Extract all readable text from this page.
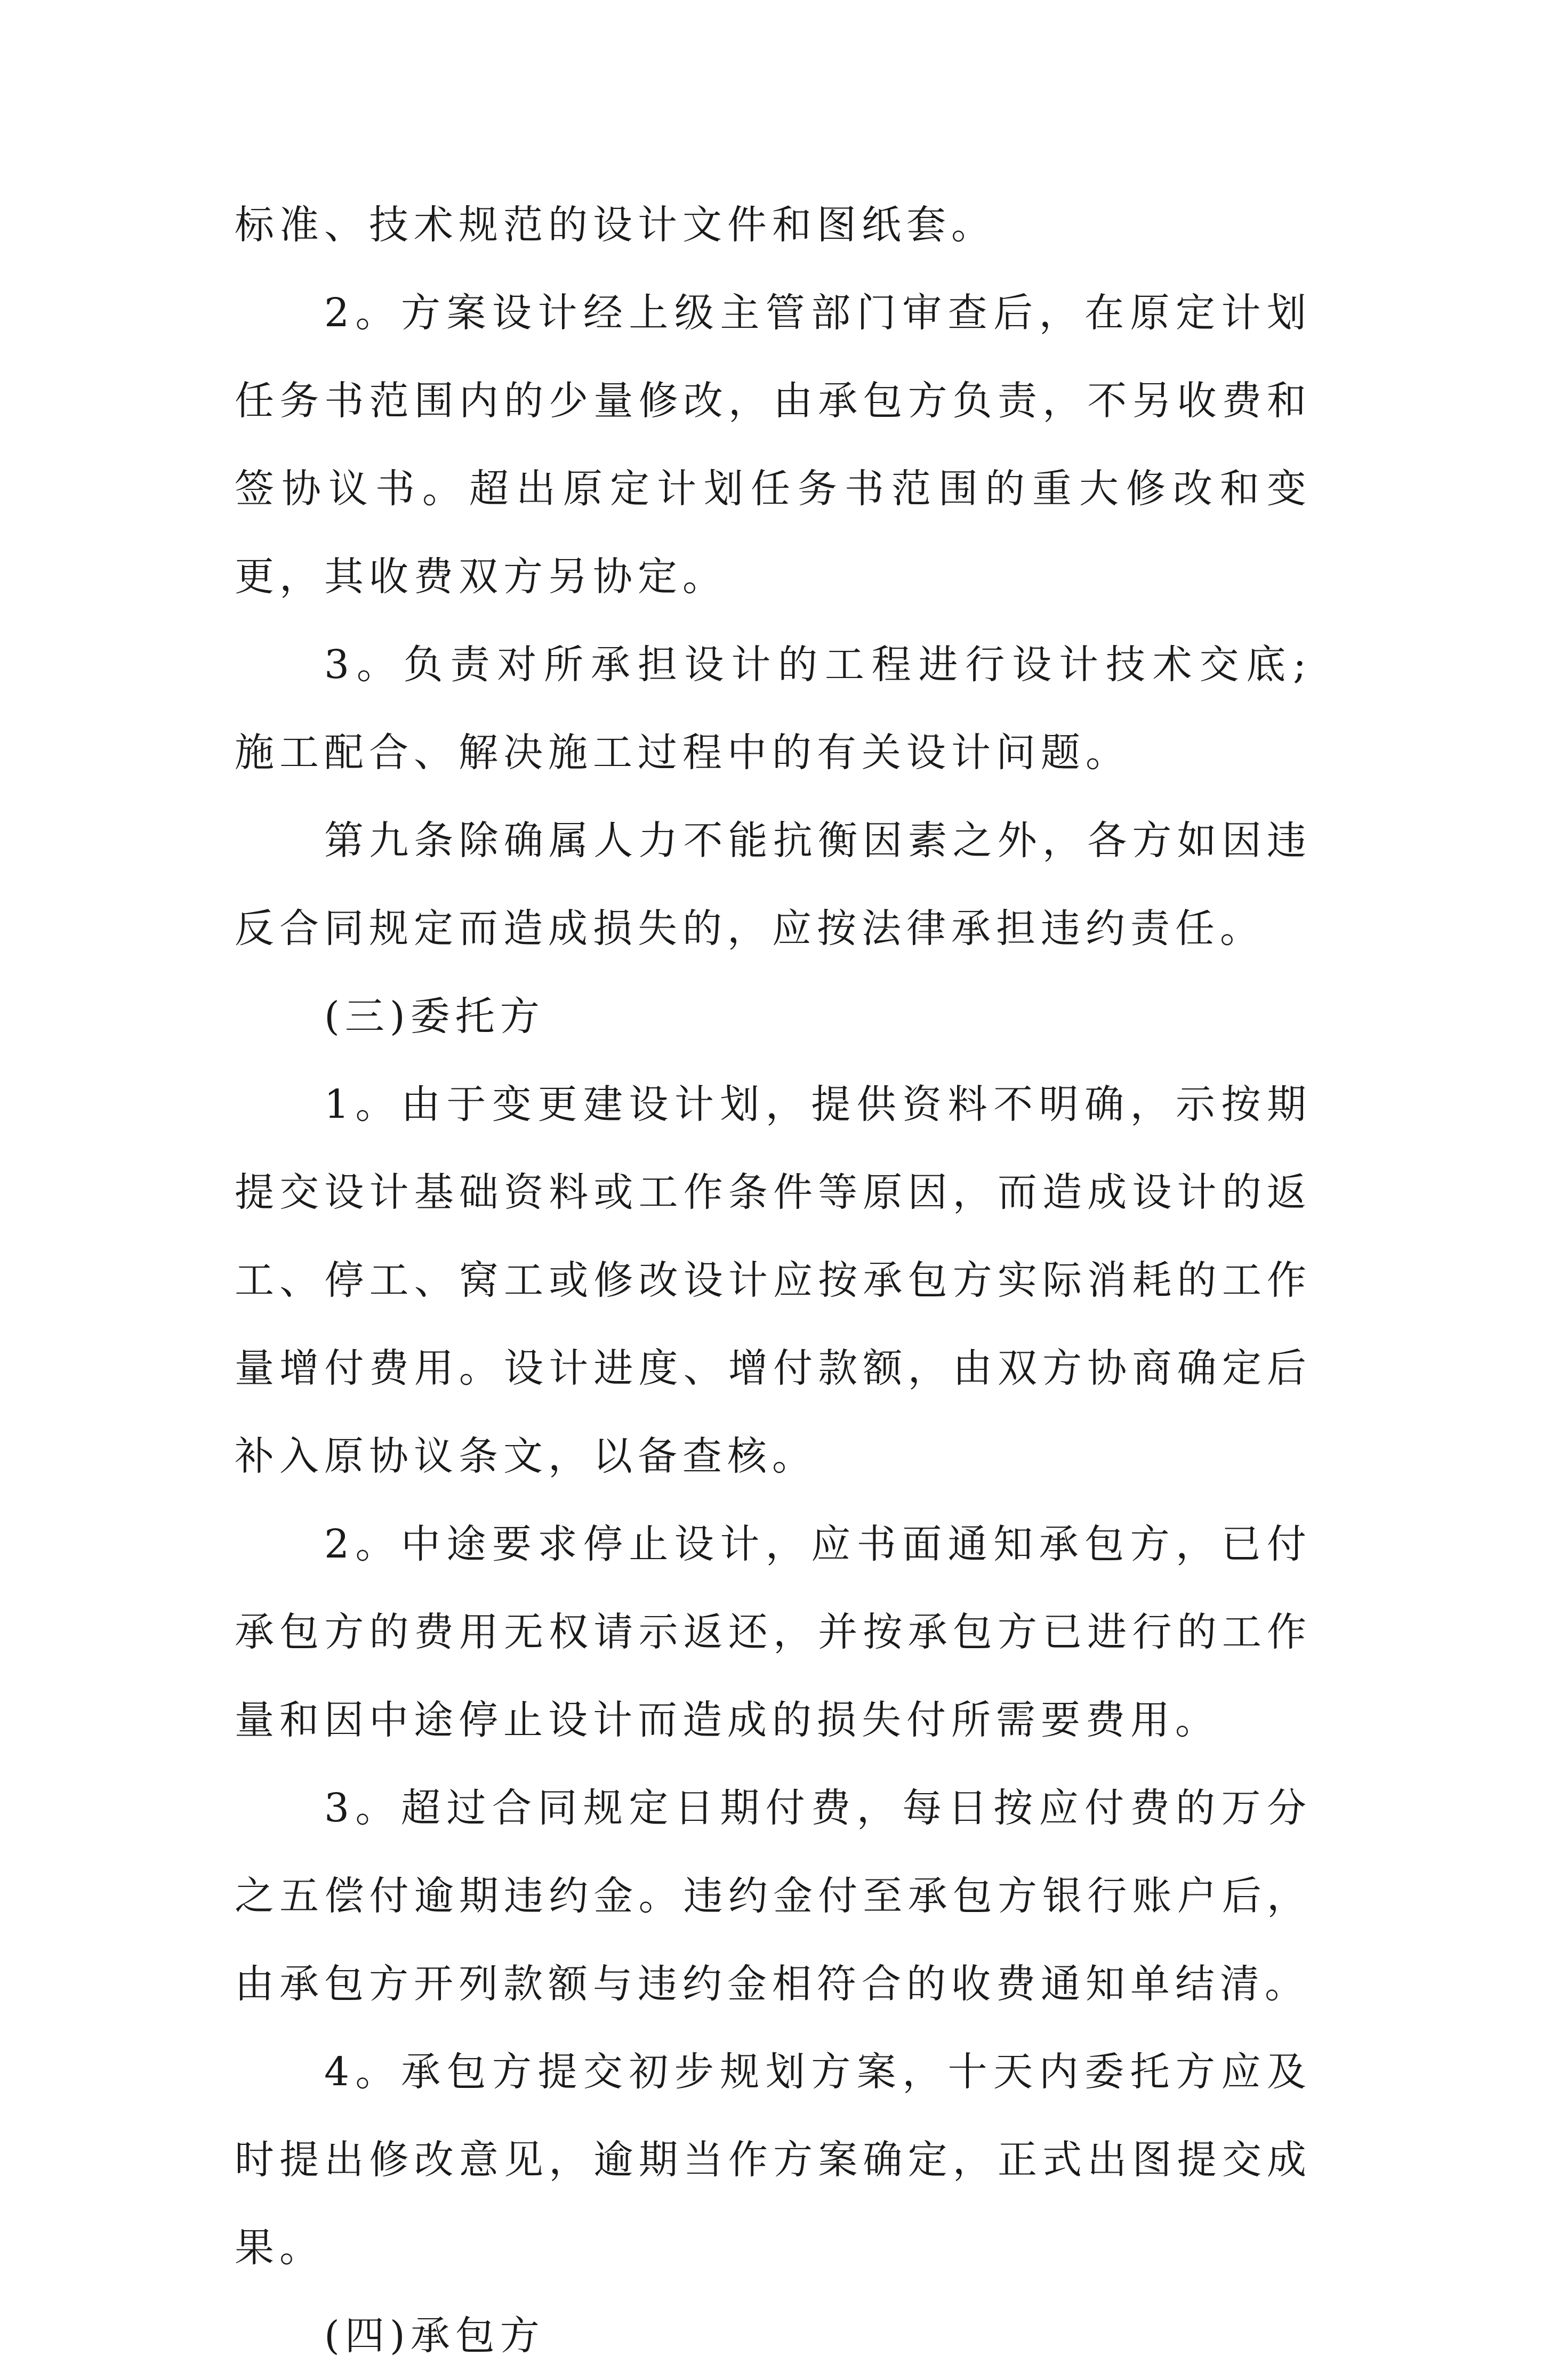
标准、技术规范的设计文件和图纸套。

2。方案设计经上级主管部门审查后，在原定计划任务书范围内的少量修改，由承包方负责，不另收费和签协议书。超出原定计划任务书范围的重大修改和变更，其收费双方另协定。

3。负责对所承担设计的工程进行设计技术交底;施工配合、解决施工过程中的有关设计问题。

第九条除确属人力不能抗衡因素之外，各方如因违反合同规定而造成损失的，应按法律承担违约责任。

(三)委托方

1。由于变更建设计划，提供资料不明确，示按期提交设计基础资料或工作条件等原因，而造成设计的返工、停工、窝工或修改设计应按承包方实际消耗的工作量增付费用。设计进度、增付款额，由双方协商确定后补入原协议条文，以备查核。

2。中途要求停止设计，应书面通知承包方，已付承包方的费用无权请示返还，并按承包方已进行的工作量和因中途停止设计而造成的损失付所需要费用。

3。超过合同规定日期付费，每日按应付费的万分之五偿付逾期违约金。违约金付至承包方银行账户后，由承包方开列款额与违约金相符合的收费通知单结清。

4。承包方提交初步规划方案，十天内委托方应及时提出修改意见，逾期当作方案确定，正式出图提交成果。

(四)承包方
